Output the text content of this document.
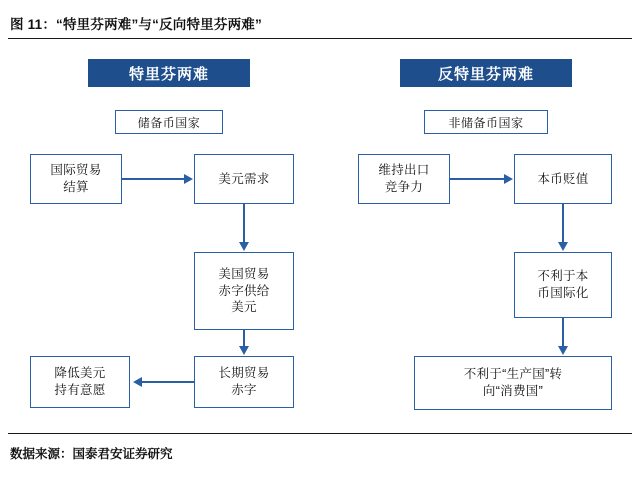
图 11：“特里芬两难”与“反向特里芬两难”
特里芬两难
储备币国家
国际贸易
结算
美元需求
美国贸易
赤字供给
美元
长期贸易
赤字
降低美元
持有意愿
反特里芬两难
非储备币国家
维持出口
竞争力
本币贬值
不利于本
币国际化
不利于“生产国”转
向“消费国”
数据来源：国泰君安证券研究
